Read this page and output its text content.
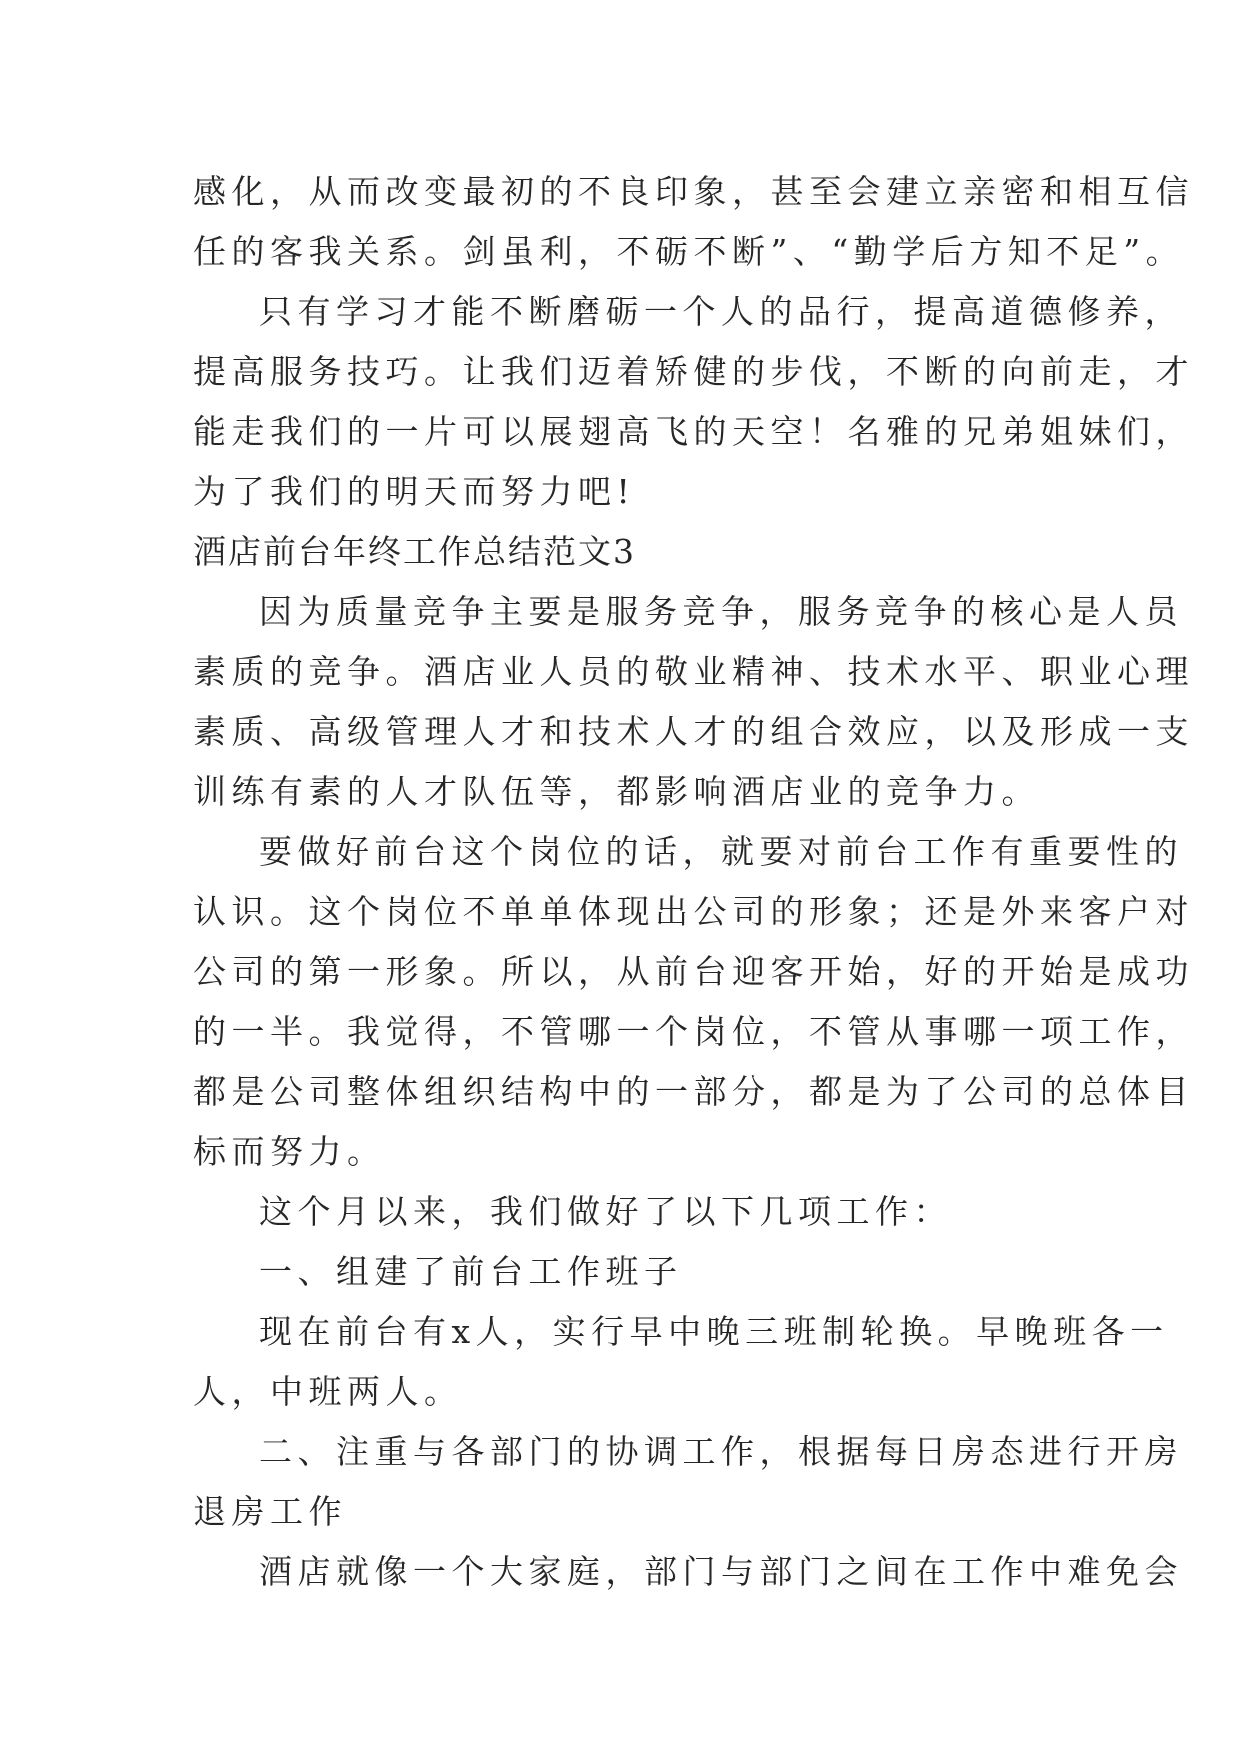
感化，从而改变最初的不良印象，甚至会建立亲密和相互信
任的客我关系。剑虽利，不砺不断”、“勤学后方知不足”。
只有学习才能不断磨砺一个人的品行，提高道德修养，
提高服务技巧。让我们迈着矫健的步伐，不断的向前走，才
能走我们的一片可以展翅高飞的天空！名雅的兄弟姐妹们，
为了我们的明天而努力吧!
酒店前台年终工作总结范文3
因为质量竞争主要是服务竞争，服务竞争的核心是人员
素质的竞争。酒店业人员的敬业精神、技术水平、职业心理
素质、高级管理人才和技术人才的组合效应，以及形成一支
训练有素的人才队伍等，都影响酒店业的竞争力。
要做好前台这个岗位的话，就要对前台工作有重要性的
认识。这个岗位不单单体现出公司的形象；还是外来客户对
公司的第一形象。所以，从前台迎客开始，好的开始是成功
的一半。我觉得，不管哪一个岗位，不管从事哪一项工作，
都是公司整体组织结构中的一部分，都是为了公司的总体目
标而努力。
这个月以来，我们做好了以下几项工作：
一、组建了前台工作班子
现在前台有x人，实行早中晚三班制轮换。早晚班各一
人，中班两人。
二、注重与各部门的协调工作，根据每日房态进行开房
退房工作
酒店就像一个大家庭，部门与部门之间在工作中难免会
